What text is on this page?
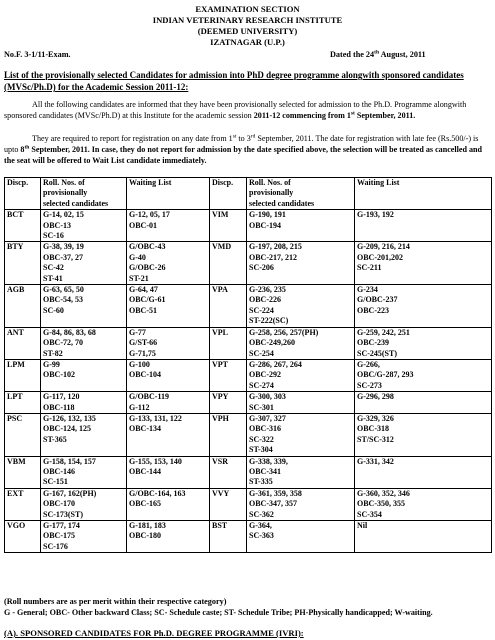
EXAMINATION SECTION
INDIAN VETERINARY RESEARCH INSTITUTE
(DEEMED UNIVERSITY)
IZATNAGAR (U.P.)
No.F. 3-1/11-Exam.	Dated the 24th August, 2011
List of the provisionally selected Candidates for admission into PhD degree programme alongwith sponsored candidates (MVSc/Ph.D) for the Academic Session 2011-12:
All the following candidates are informed that they have been provisionally selected for admission to the Ph.D. Programme alongwith sponsored candidates (MVSc/Ph.D) at this Institute for the academic session 2011-12 commencing from 1st September, 2011.
They are required to report for registration on any date from 1st to 3rd September, 2011. The date for registration with late fee (Rs.500/-) is upto 8th September, 2011. In case, they do not report for admission by the date specified above, the selection will be treated as cancelled and the seat will be offered to Wait List candidate immediately.
Discp.	Roll. Nos. of
provisionally
selected candidates	Waiting List	Discp.	Roll. Nos. of
provisionally
selected candidates	Waiting List

BCT	G-14, 02, 15
OBC-13
SC-16	G-12, 05, 17
OBC-01	VIM	G-190, 191
OBC-194	G-193, 192

BTY	G-38, 39, 19
OBC-37, 27
SC-42
ST-41	G/OBC-43
G-40
G/OBC-26
ST-21	VMD	G-197, 208, 215
OBC-217, 212
SC-206	G-209, 216, 214
OBC-201,202
SC-211

AGB	G-63, 65, 50
OBC-54, 53
SC-60	G-64, 47
OBC/G-61
OBC-51	VPA	G-236, 235
OBC-226
SC-224
ST-222(SC)	G-234
G/OBC-237
OBC-223

ANT	G-84, 86, 83, 68
OBC-72, 70
ST-82	G-77
G/ST-66
G-71,75	VPL	G-258, 256, 257(PH)
OBC-249,260
SC-254	G-259, 242, 251
OBC-239
SC-245(ST)

LPM	G-99
OBC-102	G-100
OBC-104	VPT	G-286, 267, 264
OBC-292
SC-274	G-266,
OBC/G-287, 293
SC-273

LPT	G-117, 120
OBC-118	G/OBC-119
G-112	VPY	G-300, 303
SC-301	G-296, 298

PSC	G-126, 132, 135
OBC-124, 125
ST-365	G-133, 131, 122
OBC-134	VPH	G-307, 327
OBC-316
SC-322
ST-304	G-329, 326
OBC-318
ST/SC-312

VBM	G-158, 154, 157
OBC-146
SC-151	G-155, 153, 140
OBC-144	VSR	G-338, 339,
OBC-341
ST-335	G-331, 342

EXT	G-167, 162(PH)
OBC-170
SC-173(ST)	G/OBC-164, 163
OBC-165	VVY	G-361, 359, 358
OBC-347, 357
SC-362	G-360, 352, 346
OBC-350, 355
SC-354

VGO	G-177, 174
OBC-175
SC-176	G-181, 183
OBC-180	BST	G-364,
SC-363	Nil
(Roll numbers are as per merit within their respective category)
G - General; OBC- Other backward Class; SC- Schedule caste; ST- Schedule Tribe; PH-Physically handicapped; W-waiting.
(A). SPONSORED CANDIDATES FOR Ph.D. DEGREE PROGRAMME (IVRI):
